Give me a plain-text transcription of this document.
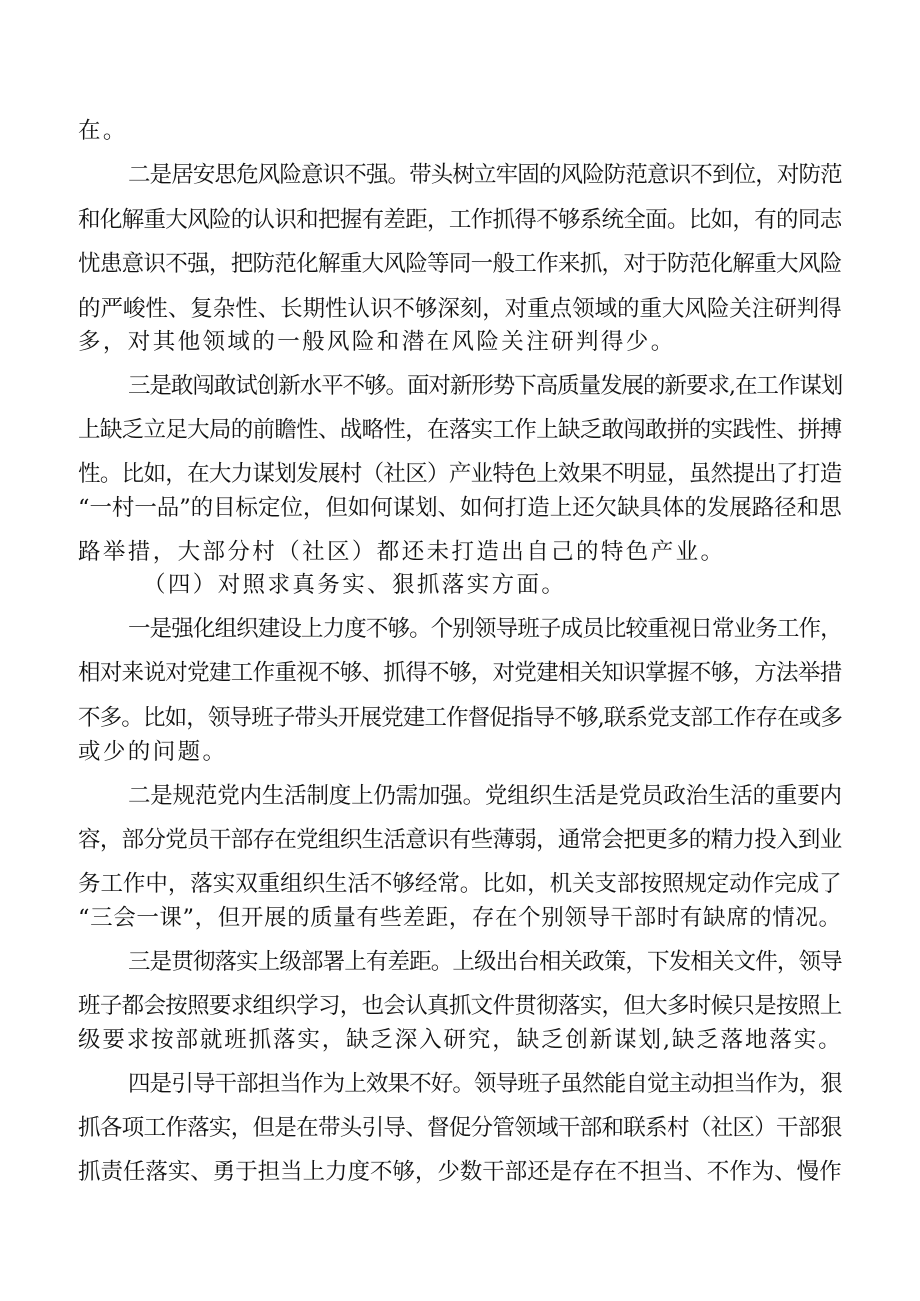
在。
二是居安思危风险意识不强。带头树立牢固的风险防范意识不到位，对防范
和化解重大风险的认识和把握有差距，工作抓得不够系统全面。比如，有的同志
忧患意识不强，把防范化解重大风险等同一般工作来抓，对于防范化解重大风险
的严峻性、复杂性、长期性认识不够深刻，对重点领域的重大风险关注研判得
多，对其他领域的一般风险和潜在风险关注研判得少。
三是敢闯敢试创新水平不够。面对新形势下高质量发展的新要求,在工作谋划
上缺乏立足大局的前瞻性、战略性，在落实工作上缺乏敢闯敢拼的实践性、拼搏
性。比如，在大力谋划发展村（社区）产业特色上效果不明显，虽然提出了打造
“一村一品”的目标定位，但如何谋划、如何打造上还欠缺具体的发展路径和思
路举措，大部分村（社区）都还未打造出自己的特色产业。
（四）对照求真务实、狠抓落实方面。
一是强化组织建设上力度不够。个别领导班子成员比较重视日常业务工作，
相对来说对党建工作重视不够、抓得不够，对党建相关知识掌握不够，方法举措
不多。比如，领导班子带头开展党建工作督促指导不够,联系党支部工作存在或多
或少的问题。
二是规范党内生活制度上仍需加强。党组织生活是党员政治生活的重要内
容，部分党员干部存在党组织生活意识有些薄弱，通常会把更多的精力投入到业
务工作中，落实双重组织生活不够经常。比如，机关支部按照规定动作完成了
“三会一课”，但开展的质量有些差距，存在个别领导干部时有缺席的情况。
三是贯彻落实上级部署上有差距。上级出台相关政策，下发相关文件，领导
班子都会按照要求组织学习，也会认真抓文件贯彻落实，但大多时候只是按照上
级要求按部就班抓落实，缺乏深入研究，缺乏创新谋划,缺乏落地落实。
四是引导干部担当作为上效果不好。领导班子虽然能自觉主动担当作为，狠
抓各项工作落实，但是在带头引导、督促分管领域干部和联系村（社区）干部狠
抓责任落实、勇于担当上力度不够，少数干部还是存在不担当、不作为、慢作
